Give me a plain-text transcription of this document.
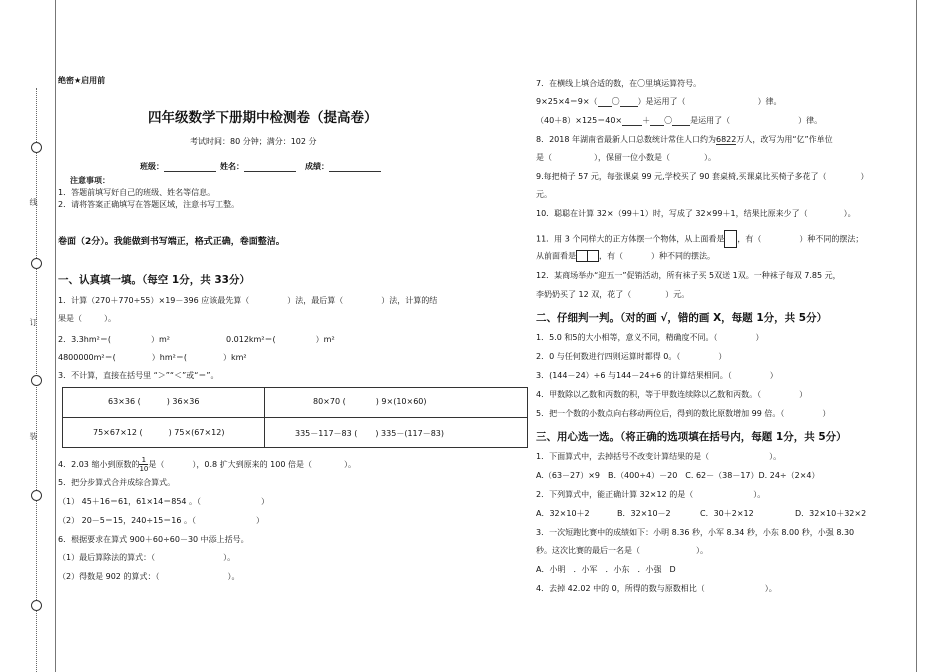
线
订
装
绝密★启用前
四年级数学下册期中检测卷（提高卷）
考试时间：80 分钟；满分：102 分
班级：	姓名：	成绩：
注意事项：
1．答题前填写好自己的班级、姓名等信息。
2．请将答案正确填写在答题区域，注意书写工整。
卷面（2分）。我能做到书写端正，格式正确，卷面整洁。
一、认真填一填。（每空 1分，共 33分）
1．计算（270＋770÷55）×19－396 应该最先算（	）法，最后算（	）法，计算的结
果是（	）。
2．3.3hm²＝(	）m²	0.012km²＝(	）m²
4800000m²＝(	）hm²＝(	）km²
3．不计算，直接在括号里 “＞”“＜”或“＝”。
63×36 (	) 36×36	80×70 (	) 9×(10×60)
75×67×12 (	) 75×(67×12)	335－117－83 ( ) 335－(117－83)
4．2.03 缩小到原数的 $\frac{1}{10}$ 是（	），0.8 扩大到原来的 100 倍是（	）。
5．把分步算式合并成综合算式。
（1） 45＋16＝61，61×14＝854 。（	）
（2） 20－5＝15，240÷15＝16 。（	）
6．根据要求在算式 900＋60÷60－30 中添上括号。
（1）最后算除法的算式：（	）。
（2）得数是 902 的算式：（	）。
7．在横线上填合适的数，在〇里填运算符号。
9×25×4＝9×（ 〇 ）是运用了（	）律。
（40＋8）×125＝40×	＋ 〇 是运用了（	）律。
8．2018 年湖南省最新人口总数统计常住人口约为6822万人，改写为用“亿”作单位
是（	），保留一位小数是（	）。
9.每把椅子 57 元，每张课桌 99 元,学校买了 90 套桌椅,买课桌比买椅子多花了（	）
元。
10．聪聪在计算 32×（99＋1）时，写成了 32×99＋1，结果比原来少了（	）。
11．用 3 个同样大的正方体摆一个物体，从上面看是 ，有（	）种不同的摆法；
从前面看是	，有（	）种不同的摆法。
12．某商场举办“迎五一”促销活动，所有袜子买 5双送 1双。一种袜子每双 7.85 元，
李奶奶买了 12 双，花了（	）元。
二、仔细判一判。（对的画 √，错的画 X，每题 1分，共 5分）
1．5.0 和5的大小相等，意义不同，精确度不同。（	）
2．0 与任何数进行四则运算时都得 0。（	）
3．(144－24）÷6 与144－24÷6 的计算结果相同。（	）
4．甲数除以乙数和丙数的积，等于甲数连续除以乙数和丙数。（	）
5．把一个数的小数点向右移动两位后，得到的数比原数增加 99 倍。（	）
三、用心选一选。（将正确的选项填在括号内，每题 1分，共 5分）
1．下面算式中，去掉括号不改变计算结果的是（	）。
A.（63－27）×9　B.（400÷4）－20　C. 62－（38－17）D. 24÷（2×4）
2．下列算式中，能正确计算 32×12 的是（	）。
A．32×10＋2	B．32×10－2	C．30＋2×12	D．32×10＋32×2
3．一次短跑比赛中的成绩如下：小明 8.36 秒，小军 8.34 秒，小东 8.00 秒，小强 8.30
秒。这次比赛的最后一名是（	）。
A．小明　．小军　．小东　．小强　D
4．去掉 42.02 中的 0，所得的数与原数相比（	）。
